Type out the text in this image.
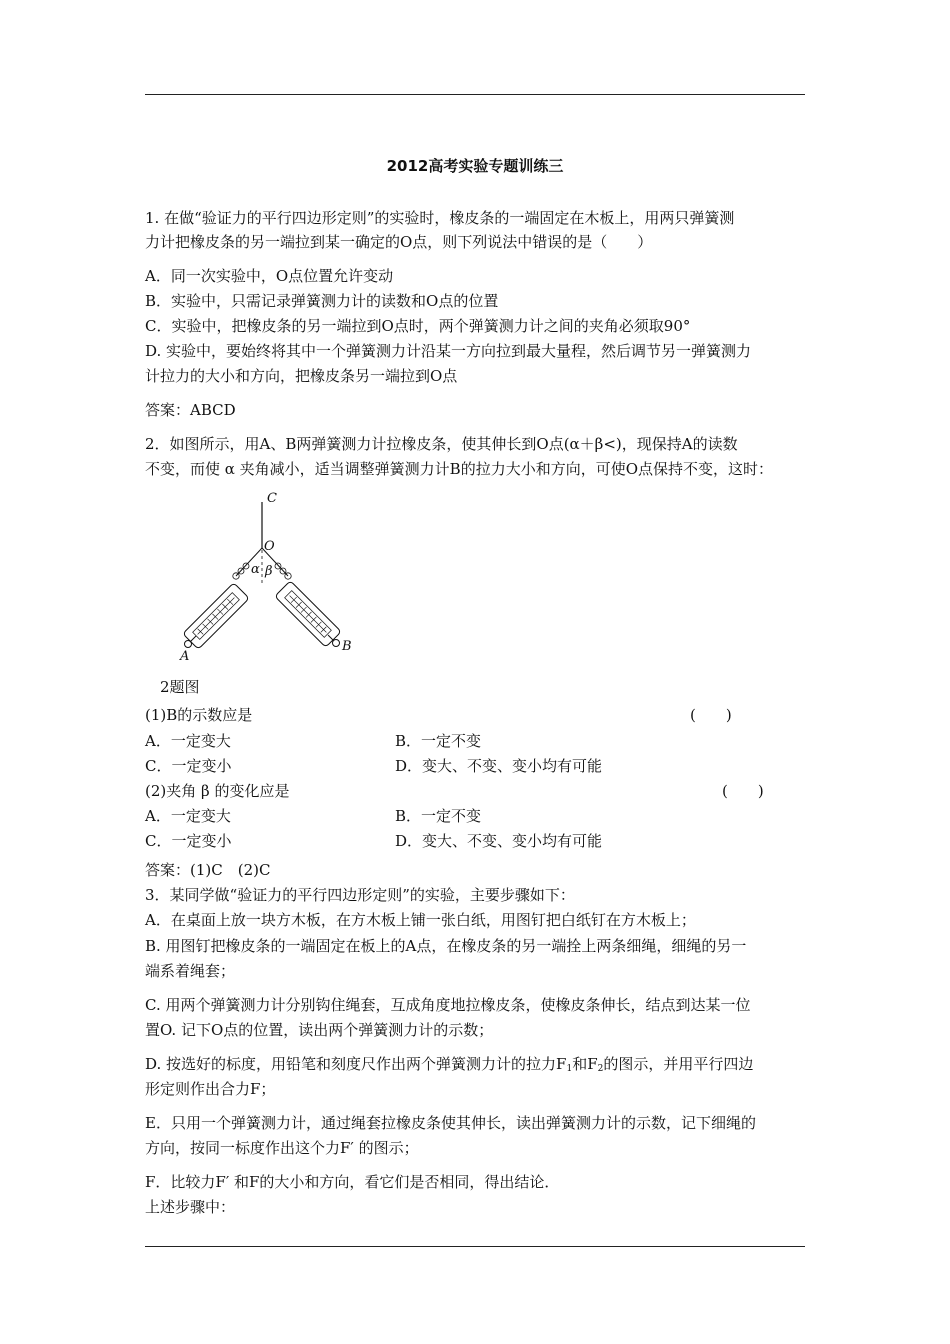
2012高考实验专题训练三
1. 在做“验证力的平行四边形定则”的实验时，橡皮条的一端固定在木板上，用两只弹簧测
力计把橡皮条的另一端拉到某一确定的O点，则下列说法中错误的是（　　）
A．同一次实验中，O点位置允许变动
B．实验中，只需记录弹簧测力计的读数和O点的位置
C．实验中，把橡皮条的另一端拉到O点时，两个弹簧测力计之间的夹角必须取90°
D. 实验中，要始终将其中一个弹簧测力计沿某一方向拉到最大量程，然后调节另一弹簧测力
计拉力的大小和方向，把橡皮条另一端拉到O点
答案：ABCD
2．如图所示，用A、B两弹簧测力计拉橡皮条，使其伸长到O点(α＋β<)，现保持A的读数
不变，而使 α 夹角减小，适当调整弹簧测力计B的拉力大小和方向，可使O点保持不变，这时：
C
O
α β
A
B
2题图
(1)B的示数应是	(　　)
A．一定变大	B．一定不变
C．一定变小	D．变大、不变、变小均有可能
(2)夹角 β 的变化应是	(　　)
A．一定变大	B．一定不变
C．一定变小	D．变大、不变、变小均有可能
答案：(1)C　(2)C
3．某同学做“验证力的平行四边形定则”的实验，主要步骤如下：
A．在桌面上放一块方木板，在方木板上铺一张白纸，用图钉把白纸钉在方木板上；
B. 用图钉把橡皮条的一端固定在板上的A点，在橡皮条的另一端拴上两条细绳，细绳的另一
端系着绳套；
C. 用两个弹簧测力计分别钩住绳套，互成角度地拉橡皮条，使橡皮条伸长，结点到达某一位
置O. 记下O点的位置，读出两个弹簧测力计的示数；
D. 按选好的标度，用铅笔和刻度尺作出两个弹簧测力计的拉力$F_1$和$F_2$的图示，并用平行四边
形定则作出合力F；
E．只用一个弹簧测力计，通过绳套拉橡皮条使其伸长，读出弹簧测力计的示数，记下细绳的
方向，按同一标度作出这个力F′ 的图示；
F．比较力F′ 和F的大小和方向，看它们是否相同，得出结论．
上述步骤中：
